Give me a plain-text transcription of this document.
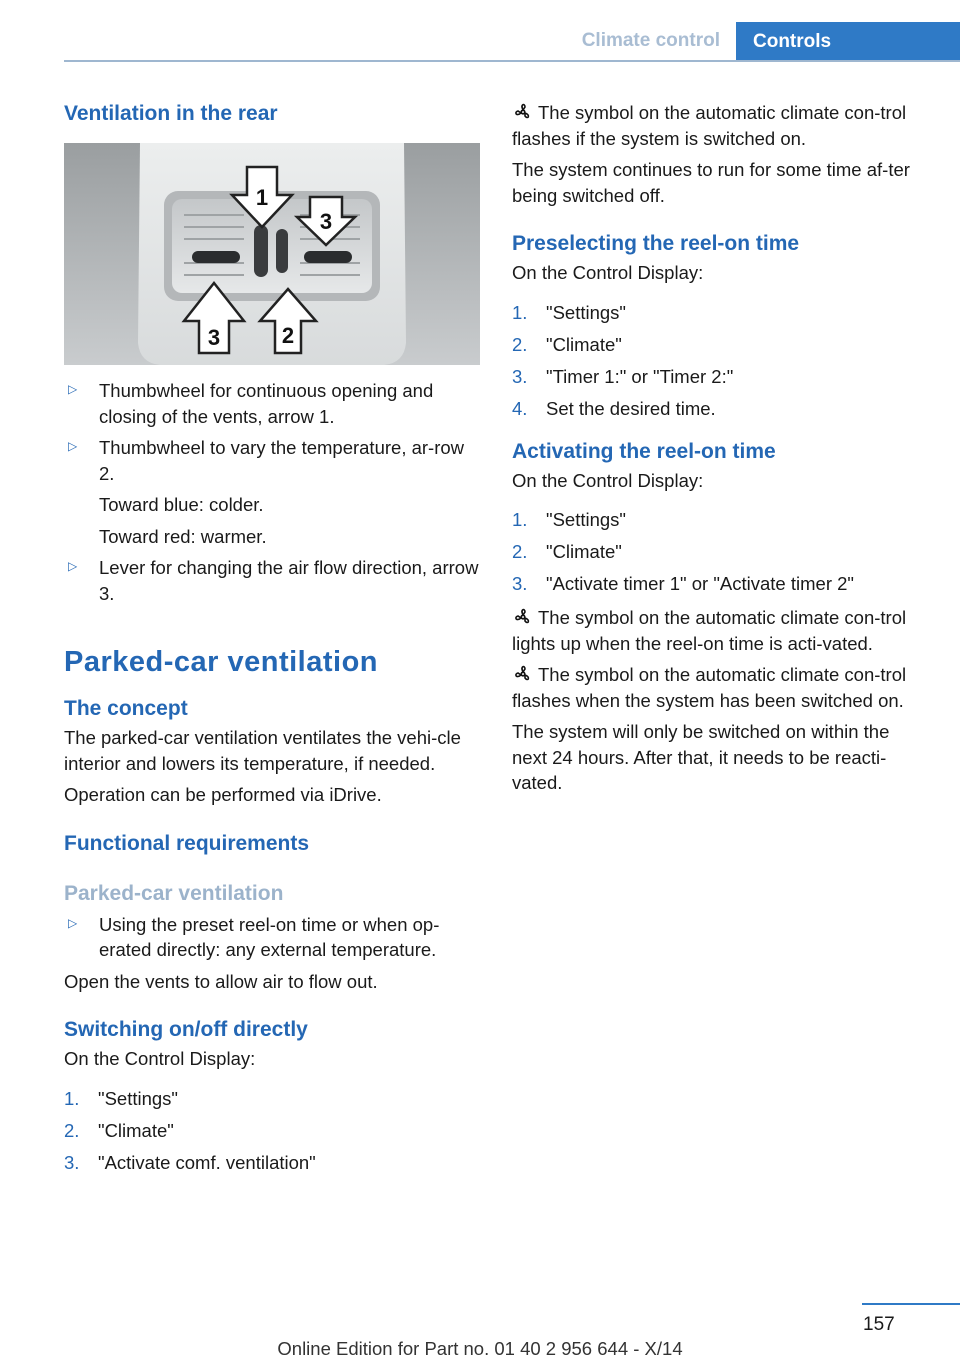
Climate control	Controls
Ventilation in the rear
1
2
3
3
▷ Thumbwheel for continuous opening and closing of the vents, arrow 1.
▷ Thumbwheel to vary the temperature, ar-row 2.
Toward blue: colder.
Toward red: warmer.
▷ Lever for changing the air flow direction, arrow 3.
Parked-car ventilation
The concept

The parked-car ventilation ventilates the vehi-cle interior and lowers its temperature, if needed.

Operation can be performed via iDrive.

Functional requirements
Parked-car ventilation
▷ Using the preset reel-on time or when op-erated directly: any external temperature.

Open the vents to allow air to flow out.

Switching on/off directly

On the Control Display:

1. "Settings"
2. "Climate"
3. "Activate comf. ventilation"

The symbol on the automatic climate con-trol flashes if the system is switched on.

The system continues to run for some time af-ter being switched off.

Preselecting the reel-on time

On the Control Display:

1. "Settings"
2. "Climate"
3. "Timer 1:" or "Timer 2:"
4. Set the desired time.
Activating the reel-on time

On the Control Display:

1. "Settings"
2. "Climate"
3. "Activate timer 1" or "Activate timer 2"

The symbol on the automatic climate con-trol lights up when the reel-on time is acti-vated.

The symbol on the automatic climate con-trol flashes when the system has been switched on.

The system will only be switched on within the next 24 hours. After that, it needs to be reacti-vated.

157
Online Edition for Part no. 01 40 2 956 644 - X/14
